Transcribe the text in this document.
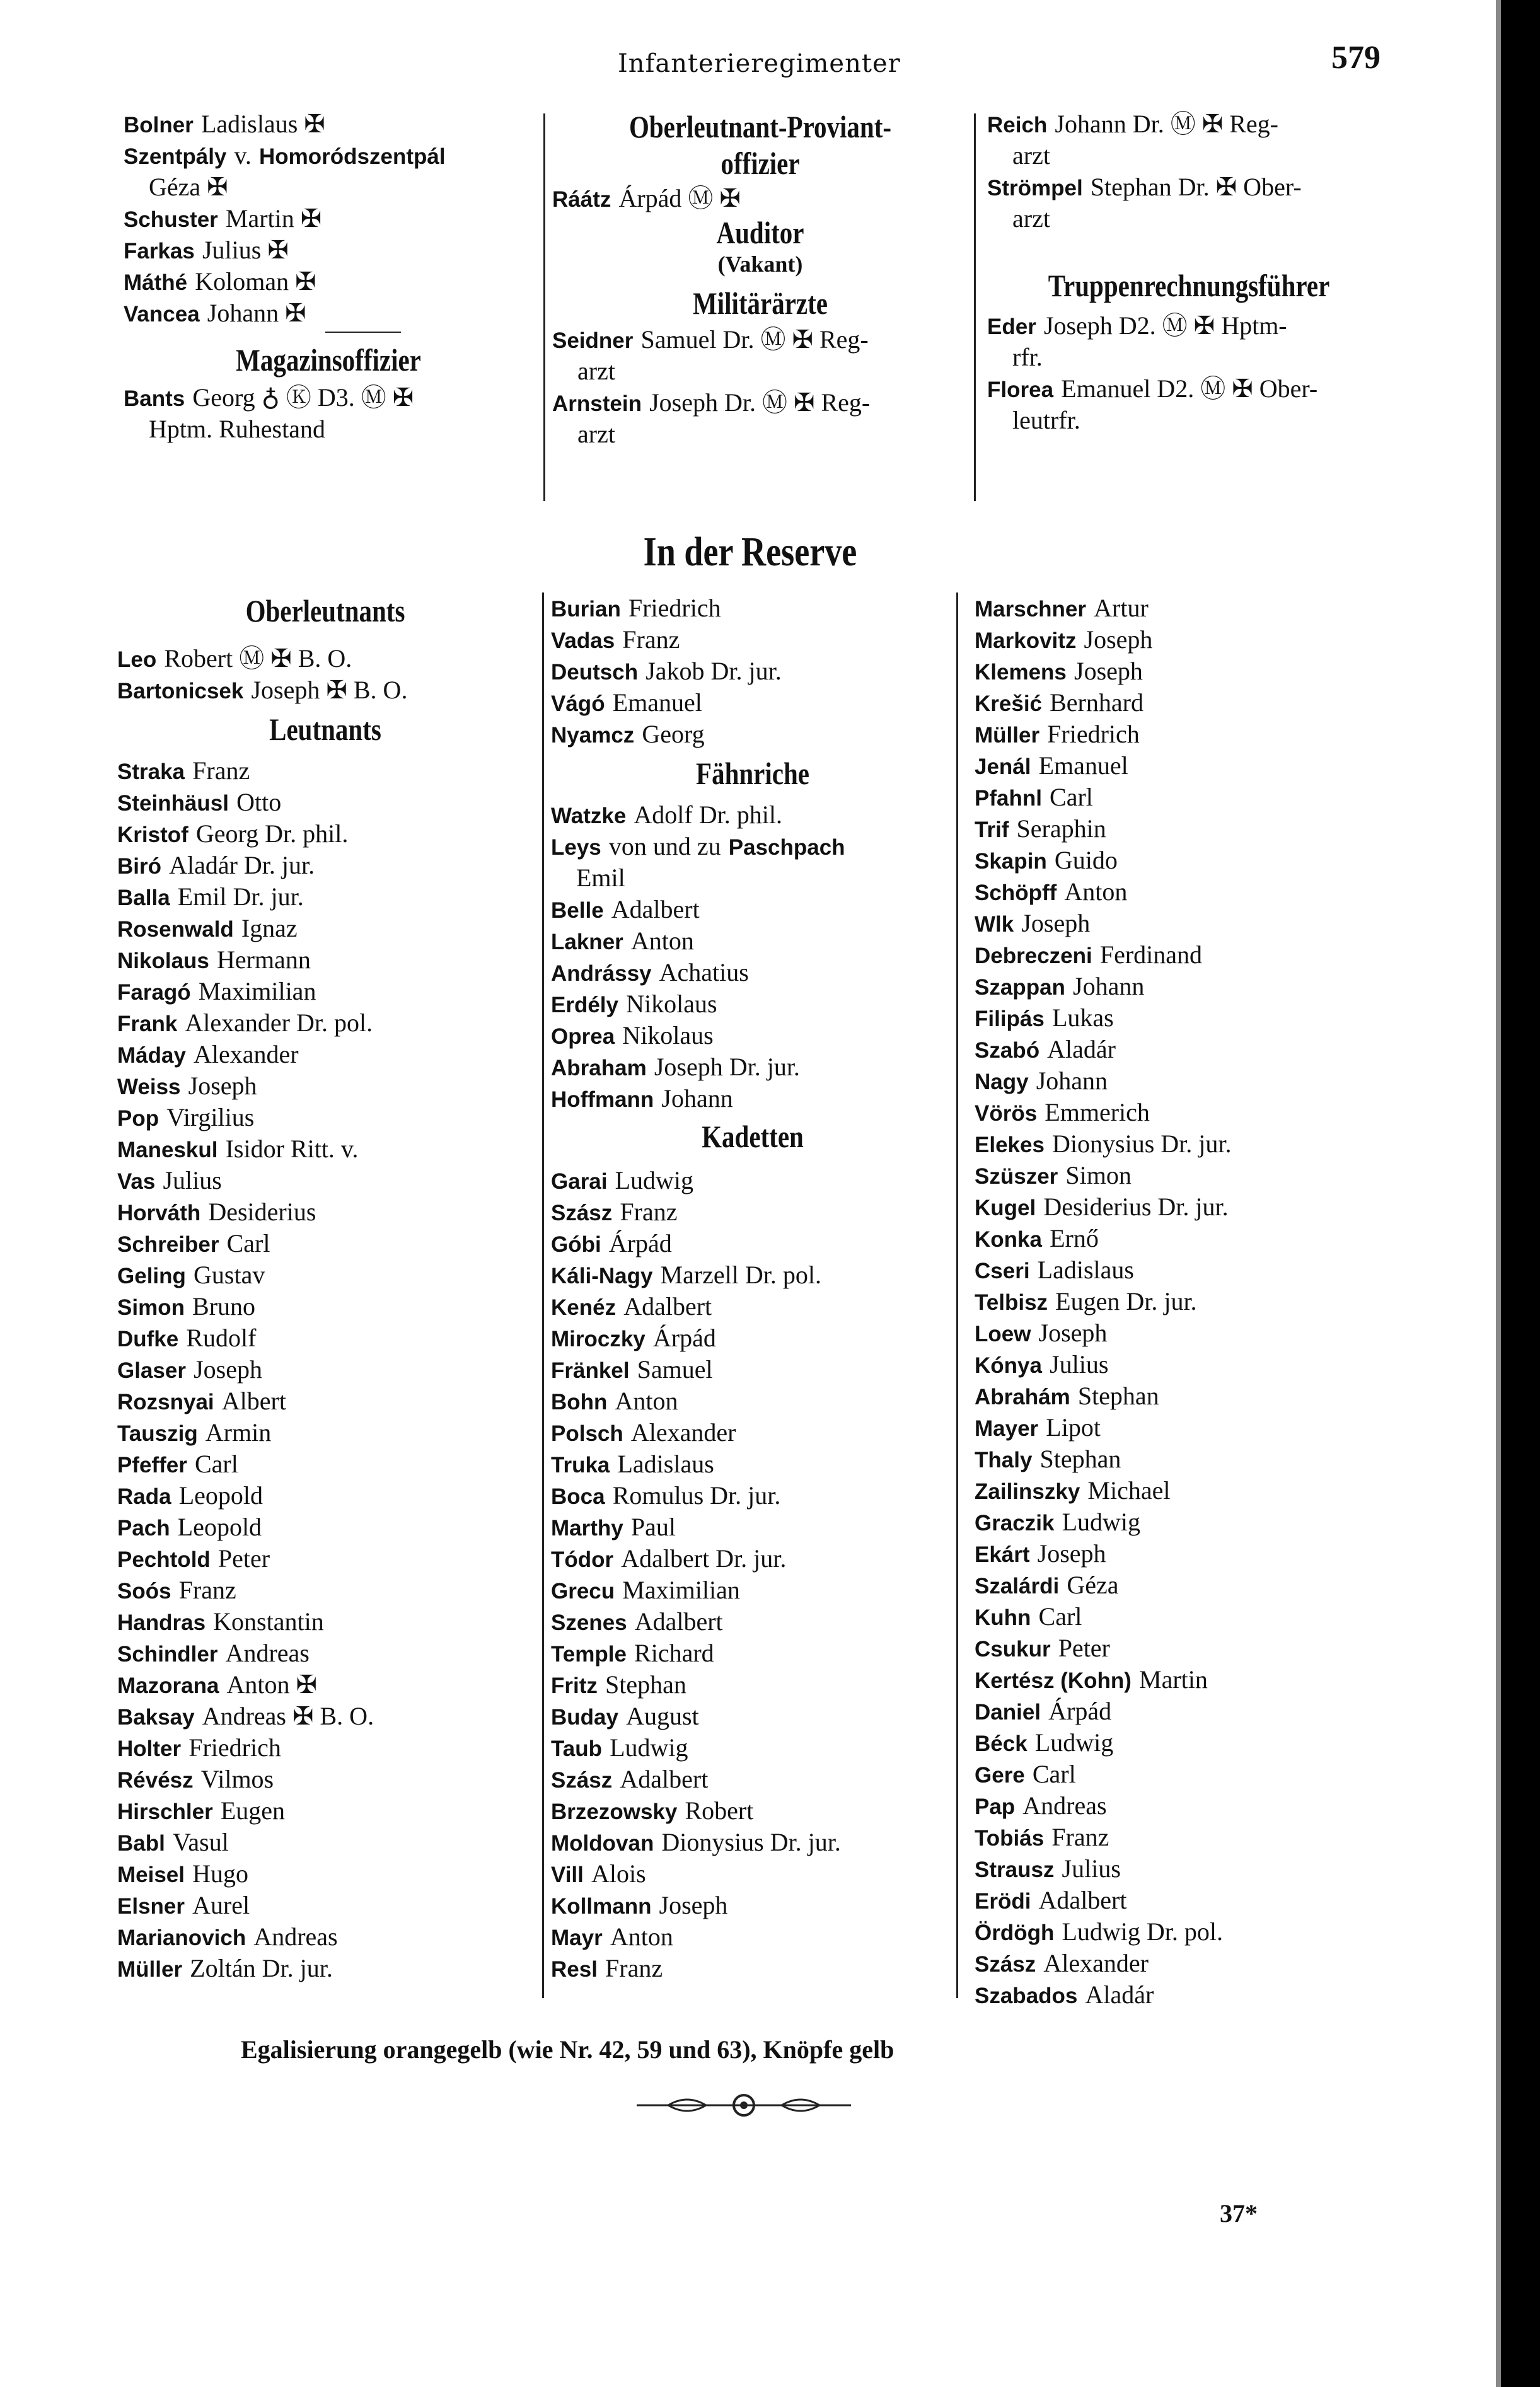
Infanterieregimenter	579
Bolner Ladislaus ✠
Szentpály v. Homoródszentpál
Géza ✠
Schuster Martin ✠
Farkas Julius ✠
Máthé Koloman ✠
Vancea Johann ✠
Magazinsoffizier
Bants Georg ♁ Ⓚ D3. Ⓜ ✠
Hptm. Ruhestand
Oberleutnant-Proviant-
offizier
Ráátz Árpád Ⓜ ✠
Auditor
(Vakant)
Militärärzte
Seidner Samuel Dr. Ⓜ ✠ Reg-
arzt
Arnstein Joseph Dr. Ⓜ ✠ Reg-
arzt
Reich Johann Dr. Ⓜ ✠ Reg-
arzt
Strömpel Stephan Dr. ✠ Ober-
arzt
Truppenrechnungsführer
Eder Joseph D2. Ⓜ ✠ Hptm-
rfr.
Florea Emanuel D2. Ⓜ ✠ Ober-
leutrfr.
In der Reserve
Oberleutnants
Leo Robert Ⓜ ✠ B. O.
Bartonicsek Joseph ✠ B. O.
Leutnants
Straka Franz
Steinhäusl Otto
Kristof Georg Dr. phil.
Biró Aladár Dr. jur.
Balla Emil Dr. jur.
Rosenwald Ignaz
Nikolaus Hermann
Faragó Maximilian
Frank Alexander Dr. pol.
Máday Alexander
Weiss Joseph
Pop Virgilius
Maneskul Isidor Ritt. v.
Vas Julius
Horváth Desiderius
Schreiber Carl
Geling Gustav
Simon Bruno
Dufke Rudolf
Glaser Joseph
Rozsnyai Albert
Tauszig Armin
Pfeffer Carl
Rada Leopold
Pach Leopold
Pechtold Peter
Soós Franz
Handras Konstantin
Schindler Andreas
Mazorana Anton ✠
Baksay Andreas ✠ B. O.
Holter Friedrich
Révész Vilmos
Hirschler Eugen
Babl Vasul
Meisel Hugo
Elsner Aurel
Marianovich Andreas
Müller Zoltán Dr. jur.
Burian Friedrich
Vadas Franz
Deutsch Jakob Dr. jur.
Vágó Emanuel
Nyamcz Georg
Fähnriche
Watzke Adolf Dr. phil.
Leys von und zu Paschpach
Emil
Belle Adalbert
Lakner Anton
Andrássy Achatius
Erdély Nikolaus
Oprea Nikolaus
Abraham Joseph Dr. jur.
Hoffmann Johann
Kadetten
Garai Ludwig
Szász Franz
Góbi Árpád
Káli-Nagy Marzell Dr. pol.
Kenéz Adalbert
Miroczky Árpád
Fränkel Samuel
Bohn Anton
Polsch Alexander
Truka Ladislaus
Boca Romulus Dr. jur.
Marthy Paul
Tódor Adalbert Dr. jur.
Grecu Maximilian
Szenes Adalbert
Temple Richard
Fritz Stephan
Buday August
Taub Ludwig
Szász Adalbert
Brzezowsky Robert
Moldovan Dionysius Dr. jur.
Vill Alois
Kollmann Joseph
Mayr Anton
Resl Franz
Marschner Artur
Markovitz Joseph
Klemens Joseph
Krešić Bernhard
Müller Friedrich
Jenál Emanuel
Pfahnl Carl
Trif Seraphin
Skapin Guido
Schöpff Anton
Wlk Joseph
Debreczeni Ferdinand
Szappan Johann
Filipás Lukas
Szabó Aladár
Nagy Johann
Vörös Emmerich
Elekes Dionysius Dr. jur.
Szüszer Simon
Kugel Desiderius Dr. jur.
Konka Ernő
Cseri Ladislaus
Telbisz Eugen Dr. jur.
Loew Joseph
Kónya Julius
Abrahám Stephan
Mayer Lipot
Thaly Stephan
Zailinszky Michael
Graczik Ludwig
Ekárt Joseph
Szalárdi Géza
Kuhn Carl
Csukur Peter
Kertész (Kohn) Martin
Daniel Árpád
Béck Ludwig
Gere Carl
Pap Andreas
Tobiás Franz
Strausz Julius
Erödi Adalbert
Ördögh Ludwig Dr. pol.
Szász Alexander
Szabados Aladár
Egalisierung orangegelb (wie Nr. 42, 59 und 63), Knöpfe gelb
37*
